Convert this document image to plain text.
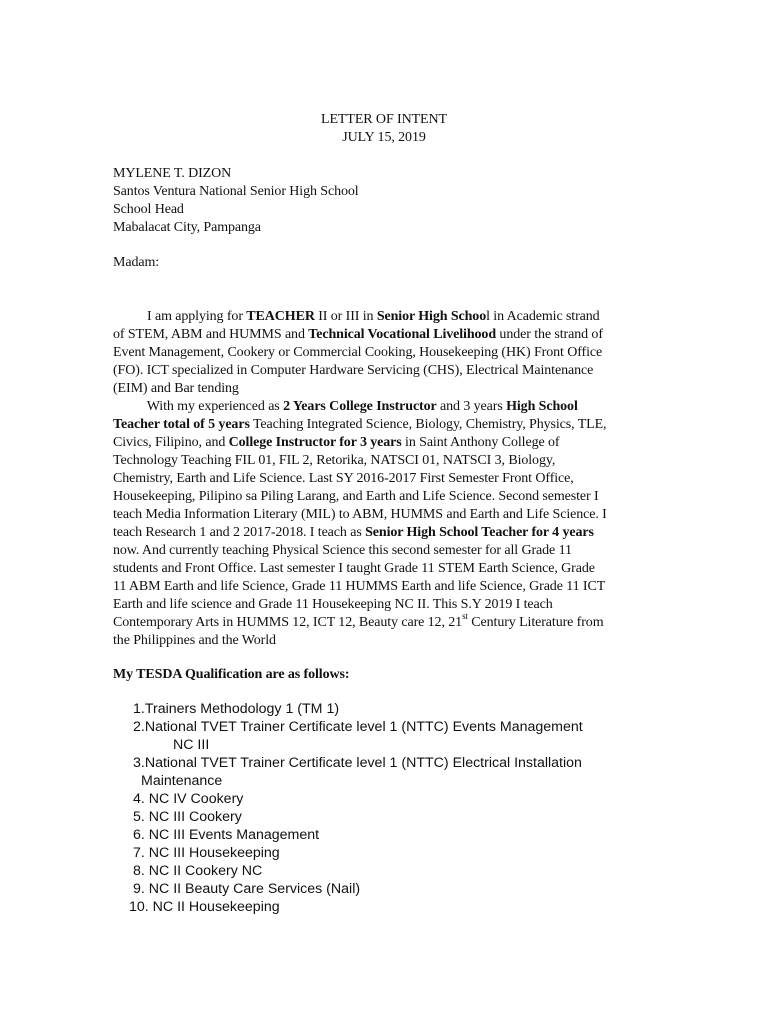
LETTER OF INTENT

JULY 15, 2019

MYLENE T. DIZON
Santos Ventura National Senior High School
School Head
Mabalacat City, Pampanga

Madam:

I am applying for TEACHER II or III in Senior High School in Academic strand

of STEM, ABM and HUMMS and Technical Vocational Livelihood under the strand of

Event Management, Cookery or Commercial Cooking, Housekeeping (HK) Front Office

(FO). ICT specialized in Computer Hardware Servicing (CHS), Electrical Maintenance

(EIM) and Bar tending

With my experienced as 2 Years College Instructor and 3 years High School

Teacher total of 5 years Teaching Integrated Science, Biology, Chemistry, Physics, TLE,

Civics, Filipino, and College Instructor for 3 years in Saint Anthony College of

Technology Teaching FIL 01, FIL 2, Retorika, NATSCI 01, NATSCI 3, Biology,

Chemistry, Earth and Life Science. Last SY 2016-2017 First Semester Front Office,

Housekeeping, Pilipino sa Piling Larang, and Earth and Life Science. Second semester I

teach Media Information Literary (MIL) to ABM, HUMMS and Earth and Life Science. I

teach Research 1 and 2 2017-2018. I teach as Senior High School Teacher for 4 years

now. And currently teaching Physical Science this second semester for all Grade 11

students and Front Office. Last semester I taught Grade 11 STEM Earth Science, Grade

11 ABM Earth and life Science, Grade 11 HUMMS Earth and life Science, Grade 11 ICT

Earth and life science and Grade 11 Housekeeping NC II. This S.Y 2019 I teach

Contemporary Arts in HUMMS 12, ICT 12, Beauty care 12, 21st Century Literature from

the Philippines and the World

My TESDA Qualification are as follows:

1.Trainers Methodology 1 (TM 1)
2.National TVET Trainer Certificate level 1 (NTTC) Events Management
NC III
3.National TVET Trainer Certificate level 1 (NTTC) Electrical Installation
Maintenance
4. NC IV Cookery
5. NC III Cookery
6. NC III Events Management
7. NC III Housekeeping
8. NC II Cookery NC
9. NC II Beauty Care Services (Nail)
10. NC II Housekeeping
